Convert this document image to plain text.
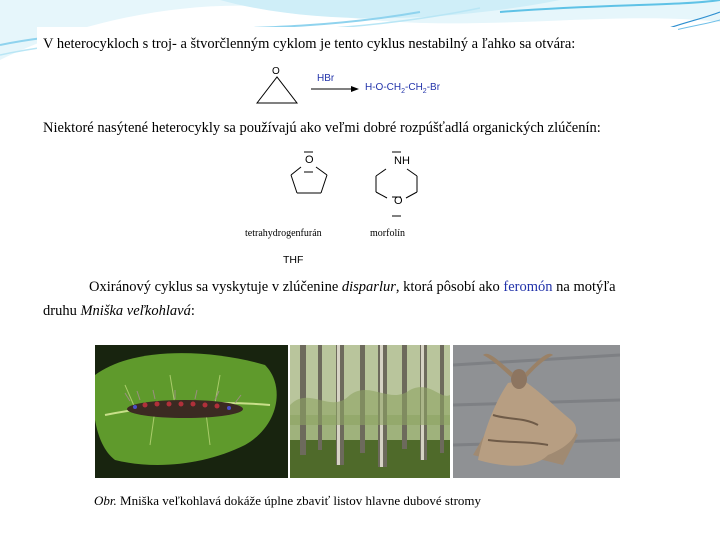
V heterocykloch s troj- a štvorčlenným cyklom je tento cyklus nestabilný a ľahko sa otvára:
O
HBr
$H-O-CH_2-CH_2-Br$
Niektoré nasýtené heterocykly sa používajú ako veľmi dobré rozpúšťadlá organických zlúčenín:
O	NH
O
tetrahydrogenfurán	morfolín
THF
Oxiránový cyklus sa vyskytuje v zlúčenine disparlur, ktorá pôsobí ako feromón na motýľa
druhu Mniška veľkohlavá:
Obr. Mniška veľkohlavá dokáže úplne zbaviť listov hlavne dubové stromy
